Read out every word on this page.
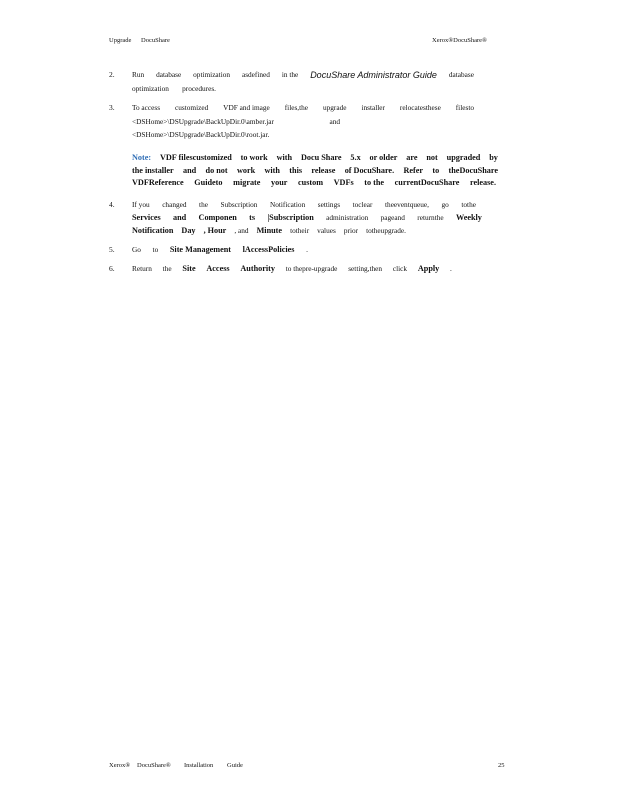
Upgrade DocuShare	Xerox®DocuShare®
2. Run database optimization asdefined in the DocuShare Administrator Guide database
optimization procedures.
3. To access customized VDF and image files,the upgrade installer relocatesthese filesto
<DSHome>\DSUpgrade\BackUpDir.0\amber.jar	and
<DSHome>\DSUpgrade\BackUpDir.0\root.jar.
Note: VDF filescustomized to work with Docu Share 5.x or older are not upgraded by
the installer and do not work with this release of DocuShare. Refer to theDocuShare
VDFReference Guideto migrate your custom VDFs to the currentDocuShare release.
4. If you changed the Subscription Notification settings toclear theeventqueue, go tothe
Services and Componen ts |Subscription administration pageand returnthe Weekly
Notification Day , Hour , and Minute totheir values prior totheupgrade.
5. Go to Site Management lAccessPolicies .
6. Return the Site Access Authority to thepre-upgrade setting,then click Apply .
Xerox® DocuShare® Installation Guide	25
